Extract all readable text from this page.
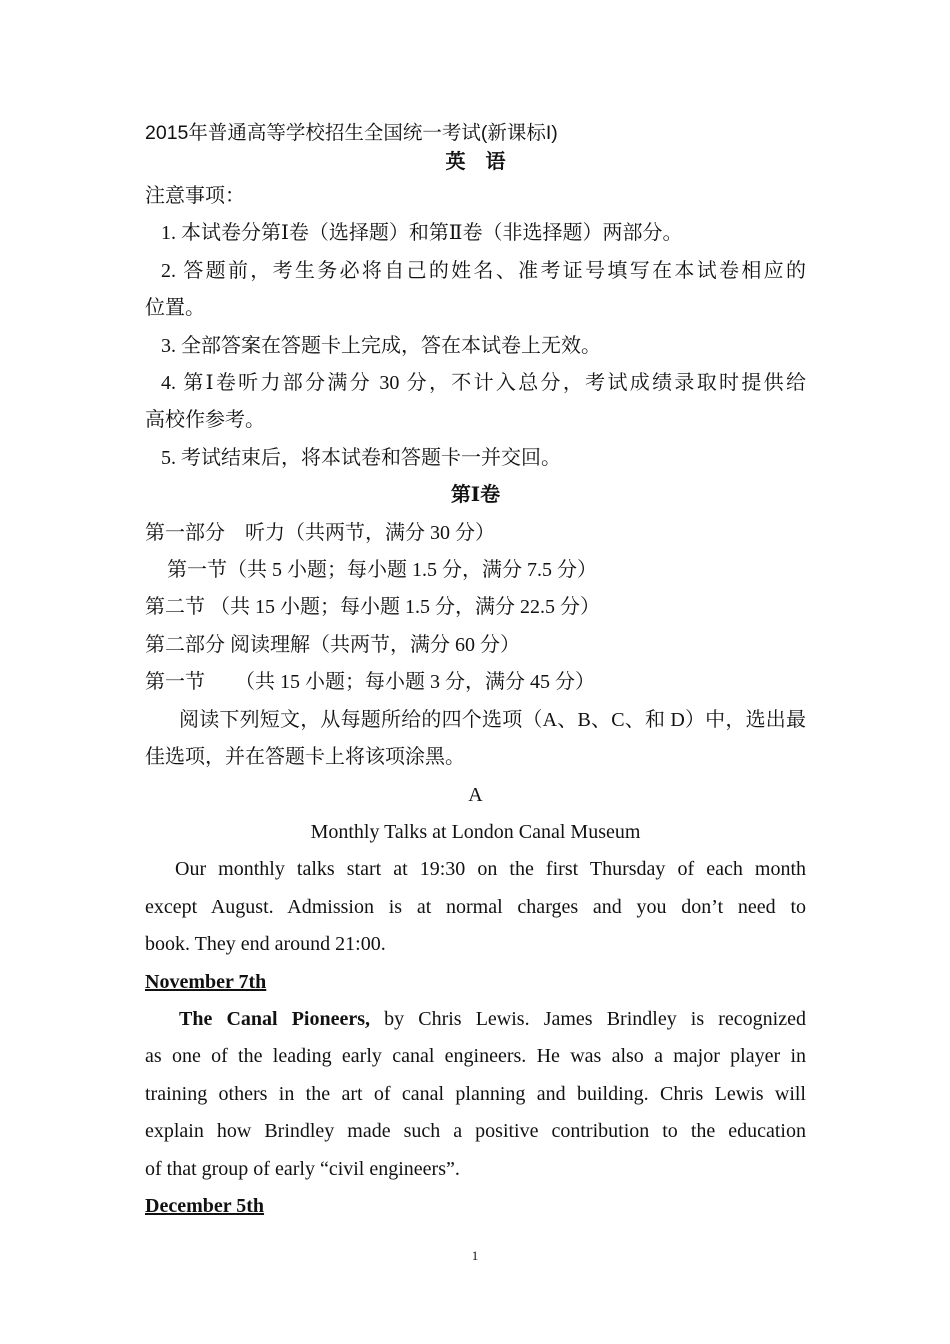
2015年普通高等学校招生全国统一考试(新课标I)
英 语
注意事项：
1. 本试卷分第Ⅰ卷（选择题）和第Ⅱ卷（非选择题）两部分。
2. 答题前，考生务必将自己的姓名、准考证号填写在本试卷相应的
位置。
3. 全部答案在答题卡上完成，答在本试卷上无效。
4. 第Ⅰ卷听力部分满分 30 分，不计入总分，考试成绩录取时提供给
高校作参考。
5. 考试结束后，将本试卷和答题卡一并交回。
第Ⅰ卷
第一部分　听力（共两节，满分 30 分）
第一节（共 5 小题；每小题 1.5 分，满分 7.5 分）
第二节 （共 15 小题；每小题 1.5 分，满分 22.5 分）
第二部分 阅读理解（共两节，满分 60 分）
第一节　　（共 15 小题；每小题 3 分，满分 45 分）
阅读下列短文，从每题所给的四个选项（A、B、C、和 D）中，选出最
佳选项，并在答题卡上将该项涂黑。
A
Monthly Talks at London Canal Museum
Our monthly talks start at 19:30 on the first Thursday of each month
except August. Admission is at normal charges and you don’t need to
book. They end around 21:00.
November 7th
The Canal Pioneers, by Chris Lewis. James Brindley is recognized
as one of the leading early canal engineers. He was also a major player in
training others in the art of canal planning and building. Chris Lewis will
explain how Brindley made such a positive contribution to the education
of that group of early “civil engineers”.
December 5th
1
